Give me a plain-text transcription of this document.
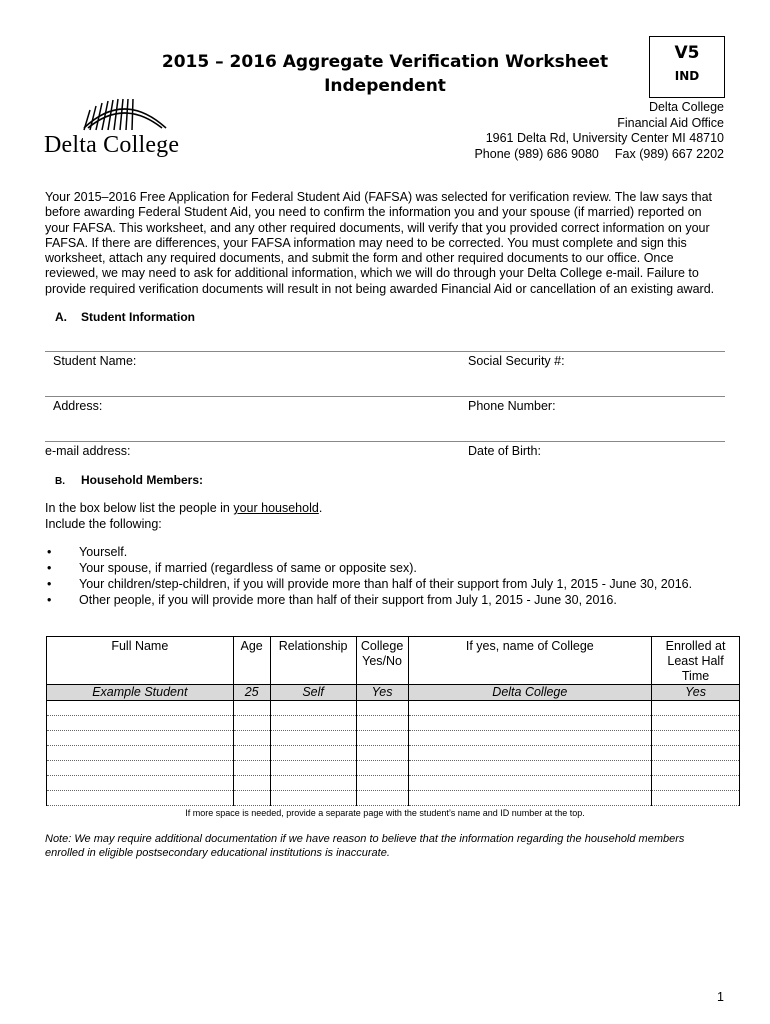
2015 – 2016 Aggregate Verification Worksheet
Independent
V5
IND
Delta College
Delta College
Financial Aid Office
1961 Delta Rd, University Center MI 48710
Phone (989) 686 9080 Fax (989) 667 2202
Your 2015–2016 Free Application for Federal Student Aid (FAFSA) was selected for verification review. The law says that before awarding Federal Student Aid, you need to confirm the information you and your spouse (if married) reported on your FAFSA. This worksheet, and any other required documents, will verify that you provided correct information on your FAFSA. If there are differences, your FAFSA information may need to be corrected. You must complete and sign this worksheet, attach any required documents, and submit the form and other required documents to our office. Once reviewed, we may need to ask for additional information, which we will do through your Delta College e-mail. Failure to provide required verification documents will result in not being awarded Financial Aid or cancellation of an existing award.
A. Student Information
Student Name:	Social Security #:
Address:	Phone Number:
e-mail address:	Date of Birth:
B. Household Members:
In the box below list the people in your household.
Include the following:
• Yourself.
• Your spouse, if married (regardless of same or opposite sex).
• Your children/step-children, if you will provide more than half of their support from July 1, 2015 - June 30, 2016.
• Other people, if you will provide more than half of their support from July 1, 2015 - June 30, 2016.
Full Name	Age	Relationship	College Yes/No	If yes, name of College	Enrolled at Least Half Time
Example Student	25	Self	Yes	Delta College	Yes

If more space is needed, provide a separate page with the student’s name and ID number at the top.
Note: We may require additional documentation if we have reason to believe that the information regarding the household members enrolled in eligible postsecondary educational institutions is inaccurate.
1
